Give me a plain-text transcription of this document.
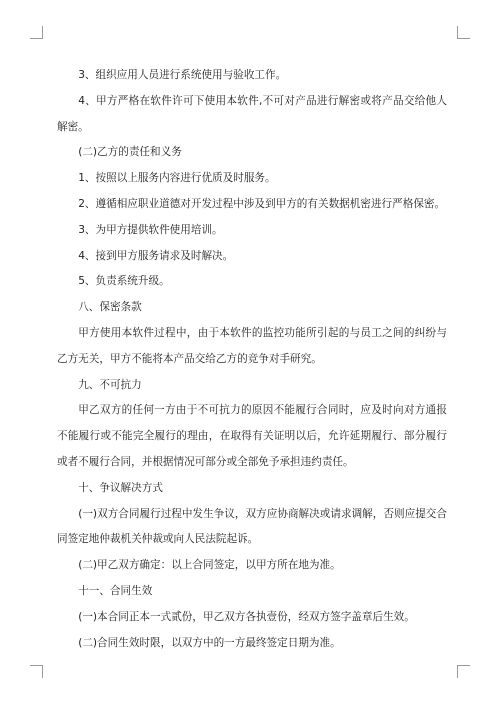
3、组织应用人员进行系统使用与验收工作。

4、甲方严格在软件许可下使用本软件,不可对产品进行解密或将产品交给他人解密。

(二)乙方的责任和义务

1、按照以上服务内容进行优质及时服务。

2、遵循相应职业道德对开发过程中涉及到甲方的有关数据机密进行严格保密。

3、为甲方提供软件使用培训。

4、接到甲方服务请求及时解决。

5、负责系统升级。

八、保密条款

甲方使用本软件过程中，由于本软件的监控功能所引起的与员工之间的纠纷与乙方无关，甲方不能将本产品交给乙方的竞争对手研究。

九、不可抗力

甲乙双方的任何一方由于不可抗力的原因不能履行合同时，应及时向对方通报不能履行或不能完全履行的理由，在取得有关证明以后，允许延期履行、部分履行或者不履行合同，并根据情况可部分或全部免予承担违约责任。

十、争议解决方式

(一)双方合同履行过程中发生争议，双方应协商解决或请求调解，否则应提交合同签定地仲裁机关仲裁或向人民法院起诉。

(二)甲乙双方确定：以上合同签定，以甲方所在地为准。

十一、合同生效

(一)本合同正本一式贰份，甲乙双方各执壹份，经双方签字盖章后生效。

(二)合同生效时限，以双方中的一方最终签定日期为准。
